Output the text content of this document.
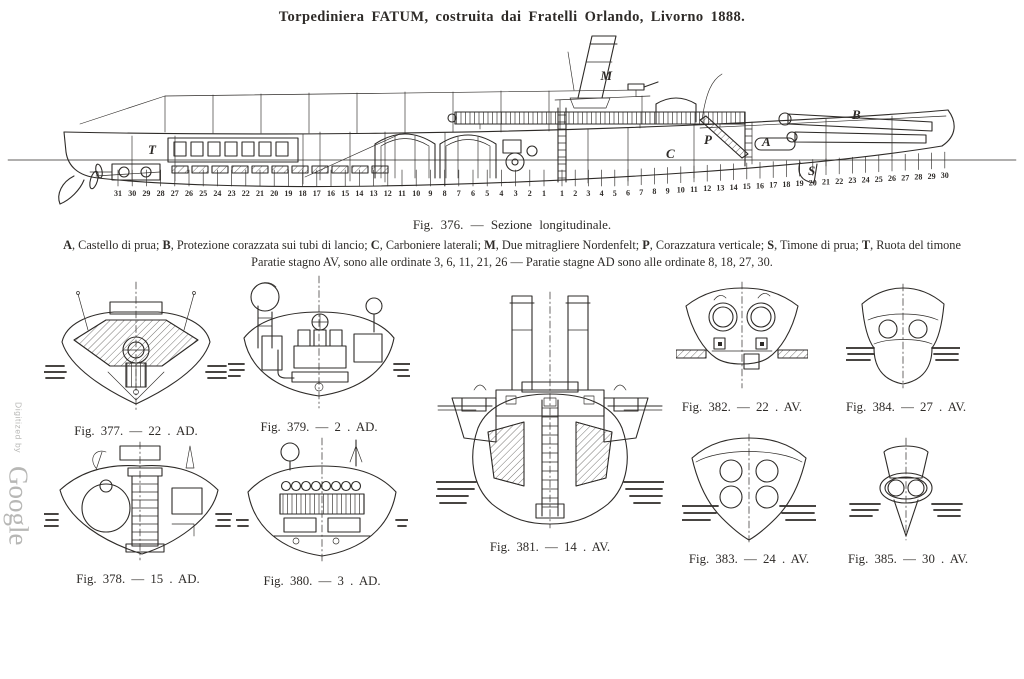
Digitized by Google
Torpediniera FATUM, costruita dai Fratelli Orlando, Livorno 1888.
T	C
M
P	A
B
S
31 30 29 28 27 26 25 24 23 22 21 20 19 18 17 16 15 14 13 12 11 10 9 8 7 6 5 4 3 2 1 1 2 3 4 5 6 7 8 9 10 11 12 13 14 15 16 17 18 19 20 21 22 23 24 25 26 27 28 29 30
Fig. 376. — Sezione longitudinale.
A, Castello di prua; B, Protezione corazzata sui tubi di lancio; C, Carboniere laterali; M, Due mitragliere Nordenfelt; P, Corazzatura verticale; S, Timone di prua; T, Ruota del timone
Paratie stagno AV, sono alle ordinate 3, 6, 11, 21, 26 — Paratie stagne AD sono alle ordinate 8, 18, 27, 30.
Fig. 377. — 22 . AD.	Fig. 379. — 2 . AD.
Fig. 378. — 15 . AD.	Fig. 380. — 3 . AD.
Fig. 381. — 14 . AV.
Fig. 382. — 22 . AV.	Fig. 384. — 27 . AV.
Fig. 383. — 24 . AV.	Fig. 385. — 30 . AV.
